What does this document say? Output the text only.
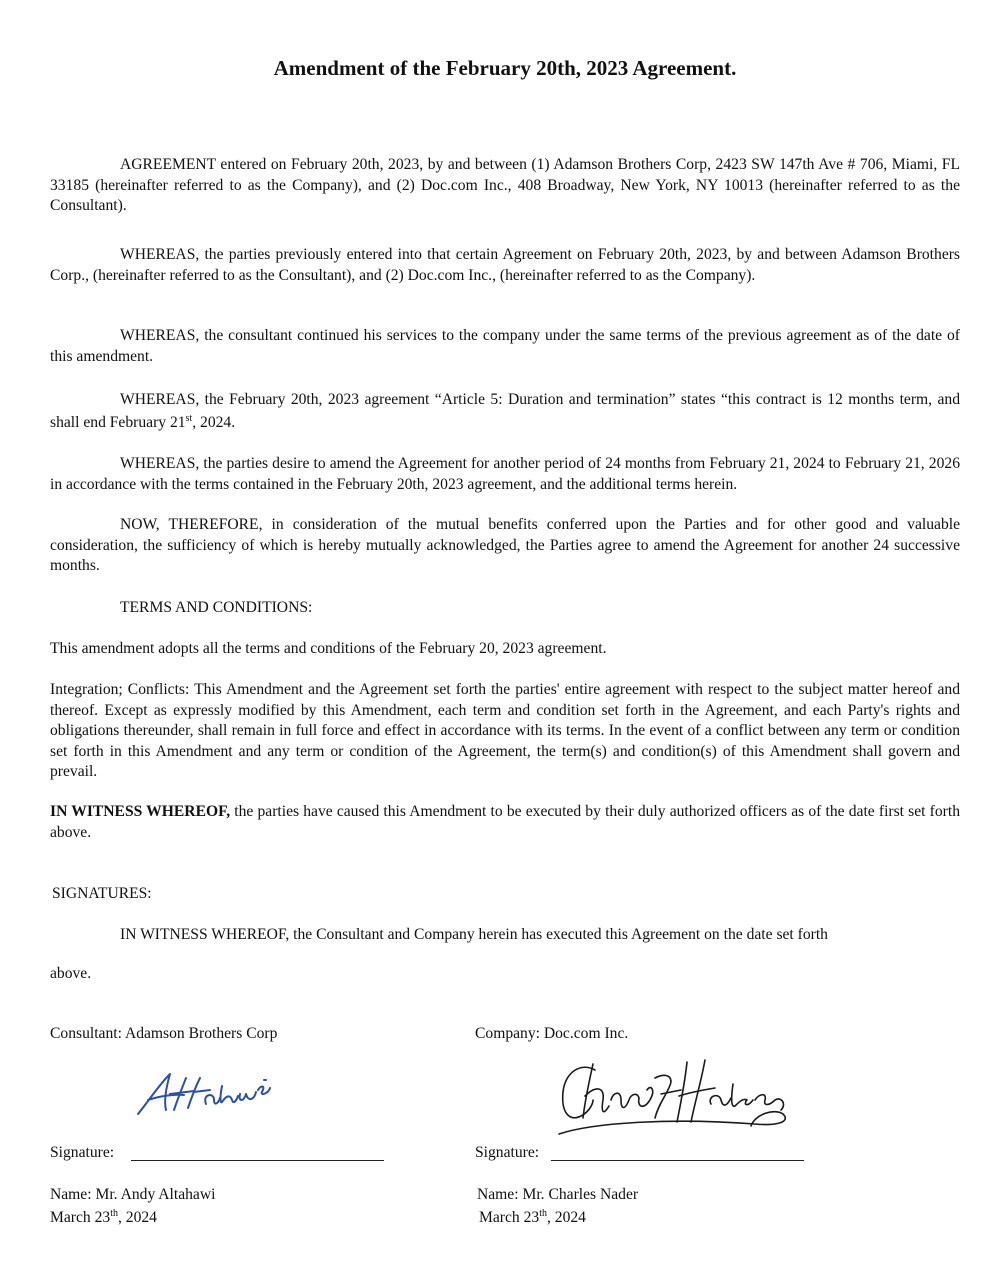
Amendment of the February 20th, 2023 Agreement.

AGREEMENT entered on February 20th, 2023, by and between (1) Adamson Brothers Corp, 2423 SW 147th Ave # 706, Miami, FL 33185 (hereinafter referred to as the Company), and (2) Doc.com Inc., 408 Broadway, New York, NY 10013 (hereinafter referred to as the Consultant).

WHEREAS, the parties previously entered into that certain Agreement on February 20th, 2023, by and between Adamson Brothers Corp., (hereinafter referred to as the Consultant), and (2) Doc.com Inc., (hereinafter referred to as the Company).

WHEREAS, the consultant continued his services to the company under the same terms of the previous agreement as of the date of this amendment.

WHEREAS, the February 20th, 2023 agreement “Article 5: Duration and termination” states “this contract is 12 months term, and shall end February 21st, 2024.

WHEREAS, the parties desire to amend the Agreement for another period of 24 months from February 21, 2024 to February 21, 2026 in accordance with the terms contained in the February 20th, 2023 agreement, and the additional terms herein.

NOW, THEREFORE, in consideration of the mutual benefits conferred upon the Parties and for other good and valuable consideration, the sufficiency of which is hereby mutually acknowledged, the Parties agree to amend the Agreement for another 24 successive months.

TERMS AND CONDITIONS:

This amendment adopts all the terms and conditions of the February 20, 2023 agreement.

Integration; Conflicts: This Amendment and the Agreement set forth the parties' entire agreement with respect to the subject matter hereof and thereof. Except as expressly modified by this Amendment, each term and condition set forth in the Agreement, and each Party's rights and obligations thereunder, shall remain in full force and effect in accordance with its terms. In the event of a conflict between any term or condition set forth in this Amendment and any term or condition of the Agreement, the term(s) and condition(s) of this Amendment shall govern and prevail.

IN WITNESS WHEREOF, the parties have caused this Amendment to be executed by their duly authorized officers as of the date first set forth above.

SIGNATURES:
IN WITNESS WHEREOF, the Consultant and Company herein has executed this Agreement on the date set forth
above.
Consultant: Adamson Brothers Corp
Signature:
Name: Mr. Andy Altahawi
March 23th, 2024
Company: Doc.com Inc.
Signature:
Name: Mr. Charles Nader
March 23th, 2024
